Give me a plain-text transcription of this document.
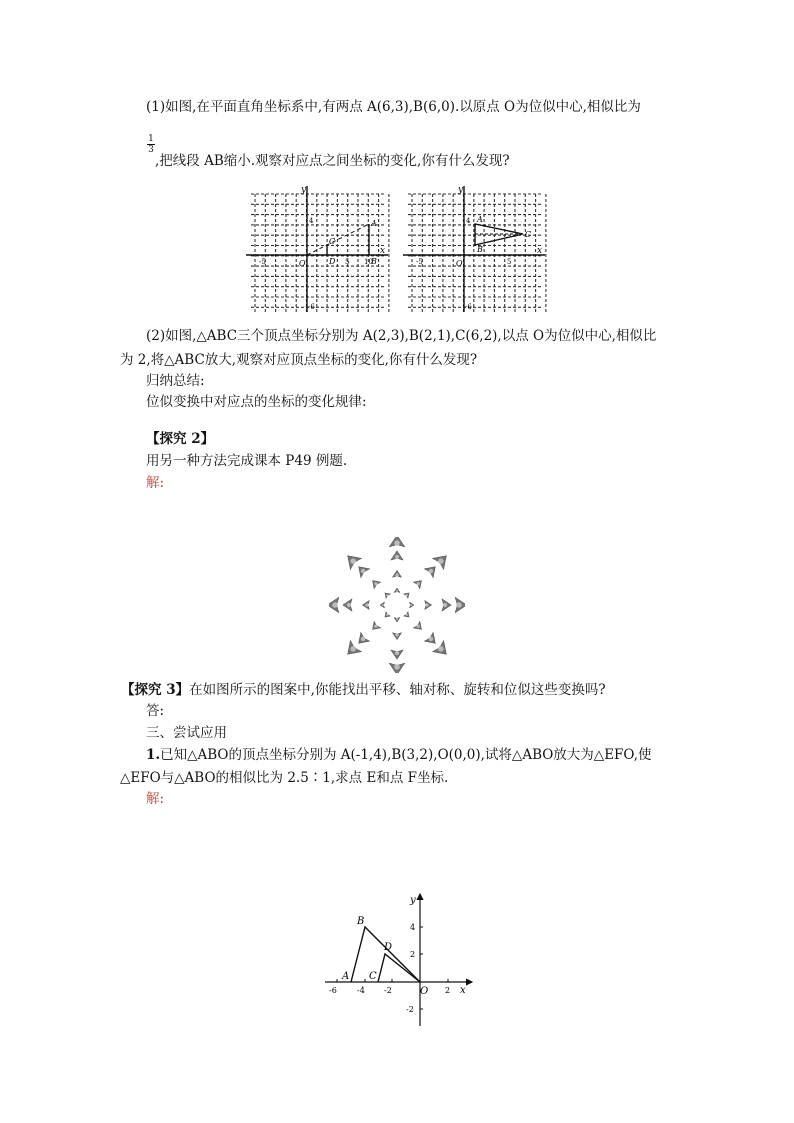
(1)如图,在平面直角坐标系中,有两点 A(6,3),B(6,0).以原点 O为位似中心,相似比为
1
3
,把线段 AB缩小.观察对应点之间坐标的变化,你有什么发现?
y
x
O
-5	5 10
-6
4	A
B
C
D
y
x
O
-5	5
-6
4 A
B
C
(2)如图,△ABC三个顶点坐标分别为 A(2,3),B(2,1),C(6,2),以点 O为位似中心,相似比
为 2,将△ABC放大,观察对应顶点坐标的变化,你有什么发现?
归纳总结:
位似变换中对应点的坐标的变化规律:
【探究 2】
用另一种方法完成课本 P49 例题.
解:
【探究 3】在如图所示的图案中,你能找出平移、轴对称、旋转和位似这些变换吗?
答:
三、尝试应用
1.已知△ABO的顶点坐标分别为 A(-1,4),B(3,2),O(0,0),试将△ABO放大为△EFO,使
△EFO与△ABO的相似比为 2.5∶1,求点 E和点 F坐标.
解:
y
x
O
-6	-4 -2	2
4
2
-2
A
B
C
D
